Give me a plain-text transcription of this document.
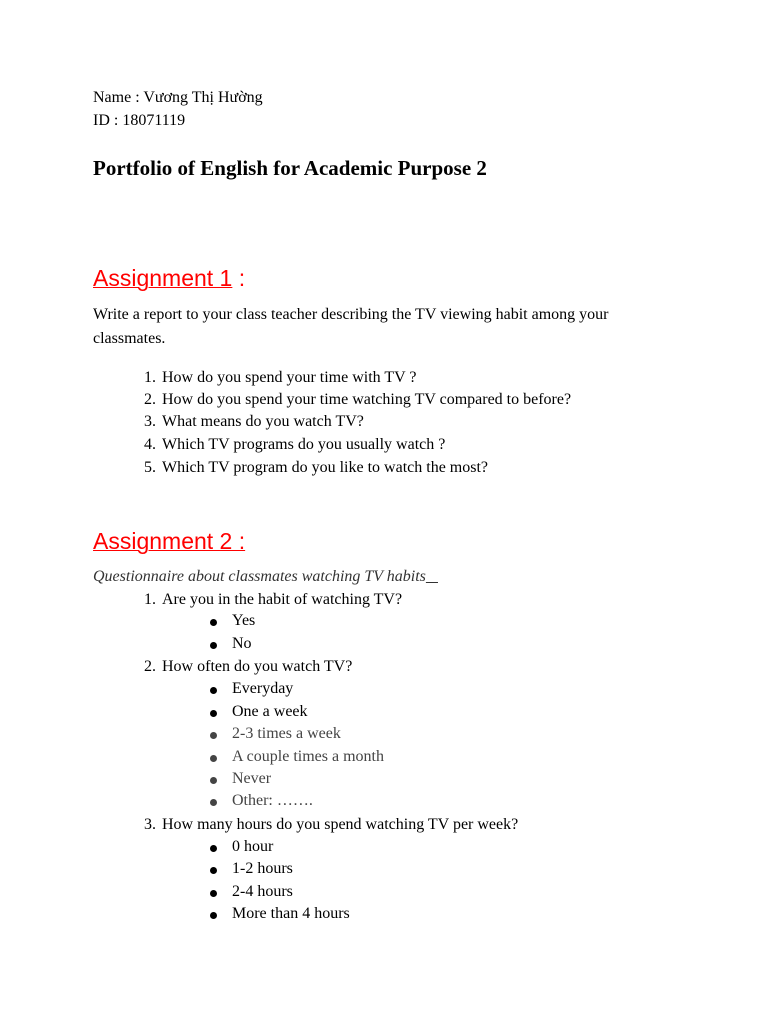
Name : Vương Thị Hường
ID : 18071119
Portfolio of English for Academic Purpose 2
Assignment 1 :
Write a report to your class teacher describing the TV viewing habit among your classmates.
1. How do you spend your time with TV ?
2. How do you spend your time watching TV compared to before?
3. What means do you watch TV?
4. Which TV programs do you usually watch ?
5. Which TV program do you like to watch the most?
Assignment 2 :
Questionnaire about classmates watching TV habits _
1. Are you in the habit of watching TV?
Yes
No
2. How often do you watch TV?
Everyday
One a week
2-3 times a week
A couple times a month
Never
Other: …….
3. How many hours do you spend watching TV per week?
0 hour
1-2 hours
2-4 hours
More than 4 hours
